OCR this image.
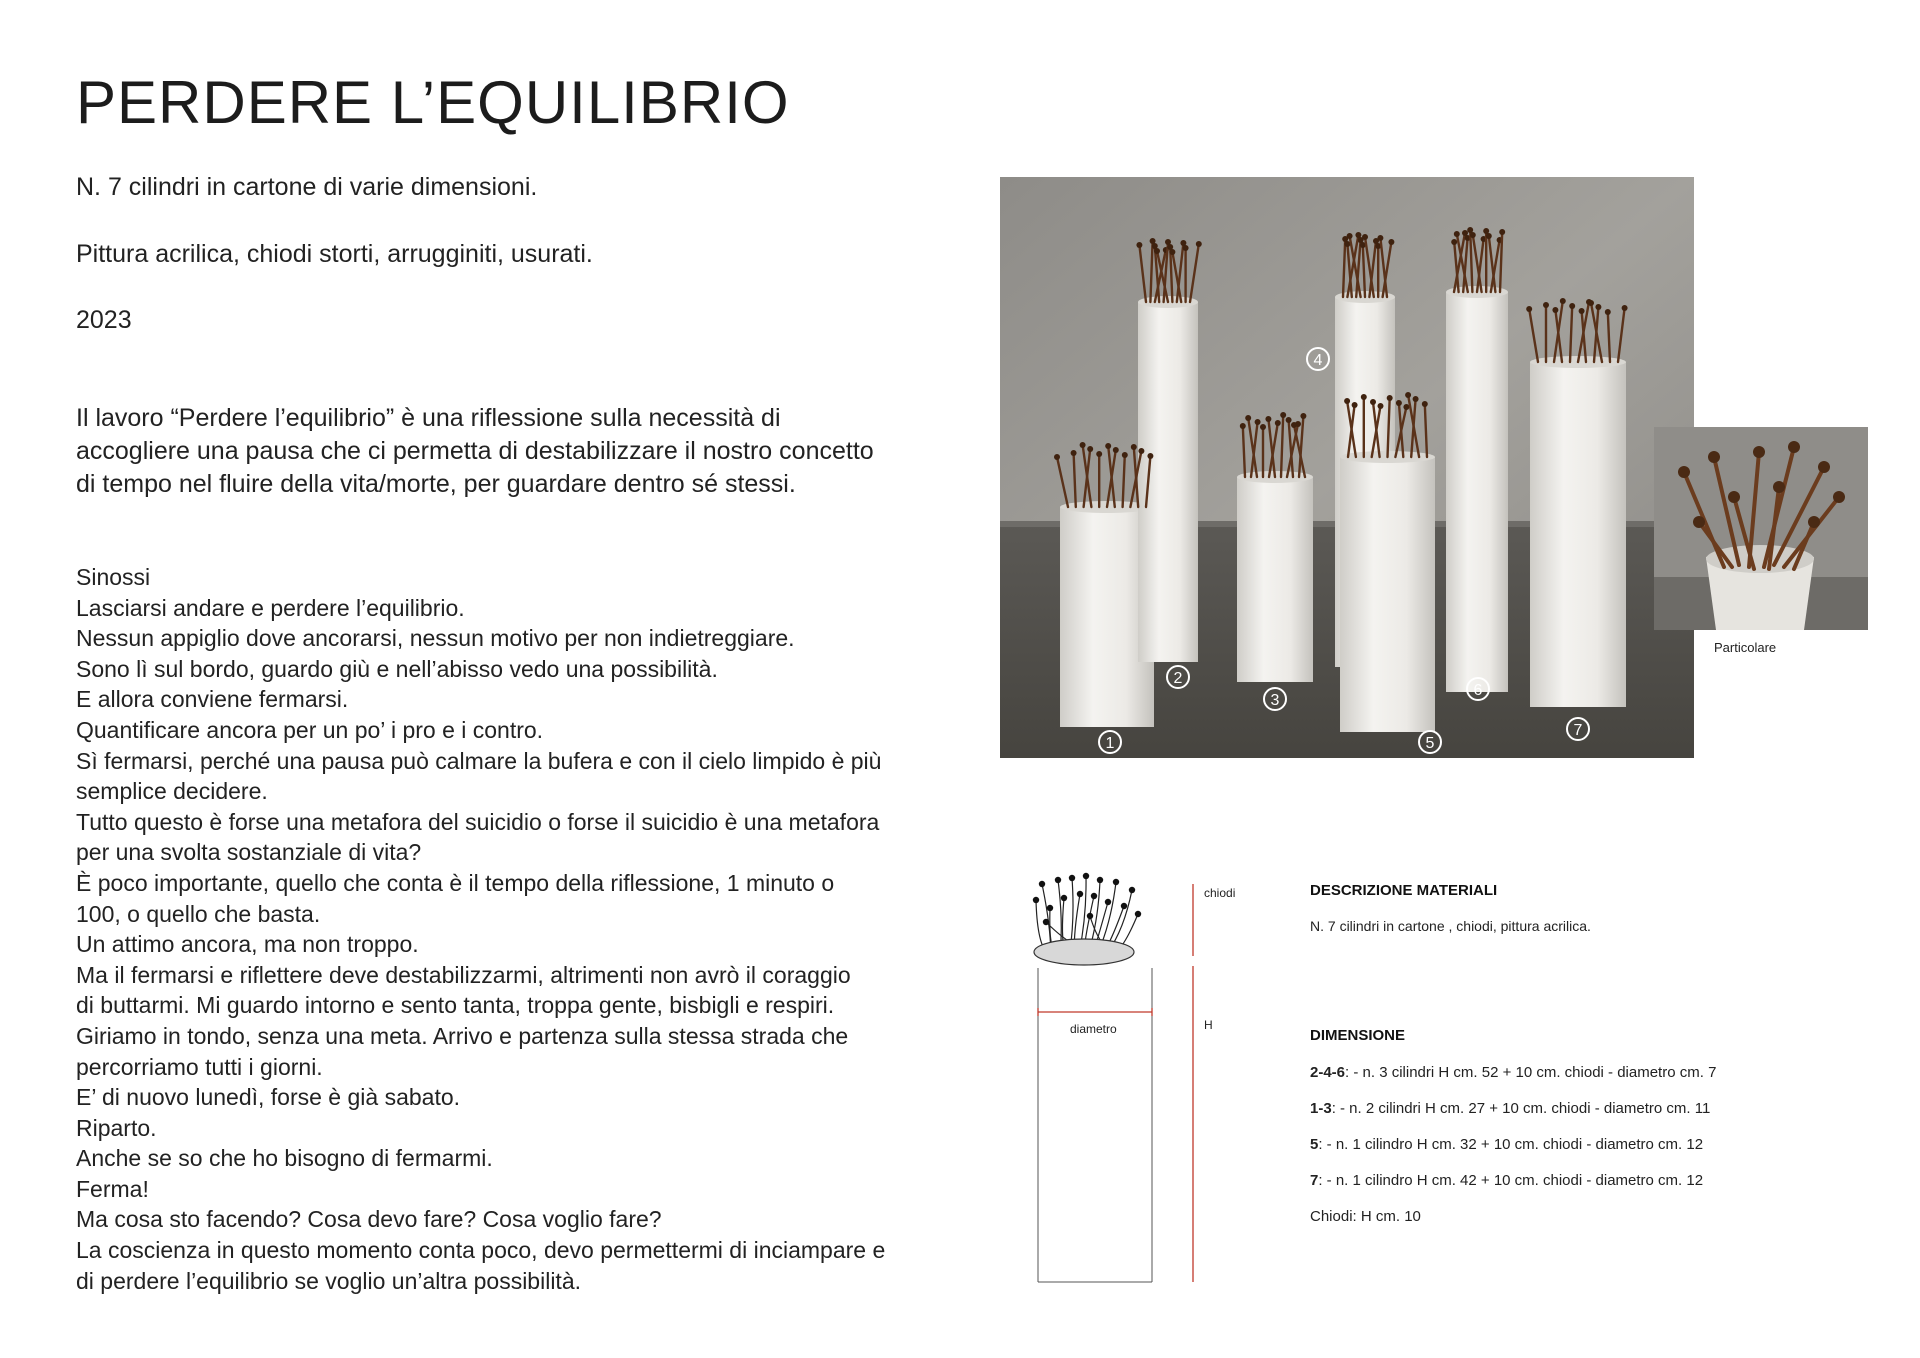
PERDERE L’EQUILIBRIO
N. 7 cilindri in cartone di varie dimensioni.
Pittura acrilica, chiodi storti, arrugginiti, usurati.
2023
Il lavoro “Perdere l’equilibrio” è una riflessione sulla necessità di
accogliere una pausa che ci permetta di destabilizzare il nostro concetto
di tempo nel fluire della vita/morte, per guardare dentro sé stessi.
Sinossi
Lasciarsi andare e perdere l’equilibrio.
Nessun appiglio dove ancorarsi, nessun motivo per non indietreggiare.
Sono lì sul bordo, guardo giù e nell’abisso vedo una possibilità.
E allora conviene fermarsi.
Quantificare ancora per un po’ i pro e i contro.
Sì fermarsi, perché una pausa può calmare la bufera e con il cielo limpido è più
semplice decidere.
Tutto questo è forse una metafora del suicidio o forse il suicidio è una metafora
per una svolta sostanziale di vita?
È poco importante, quello che conta è il tempo della riflessione, 1 minuto o
100, o quello che basta.
Un attimo ancora, ma non troppo.
Ma il fermarsi e riflettere deve destabilizzarmi, altrimenti non avrò il coraggio
di buttarmi. Mi guardo intorno e sento tanta, troppa gente, bisbigli e respiri.
Giriamo in tondo, senza una meta. Arrivo e partenza sulla stessa strada che
percorriamo tutti i giorni.
E’ di nuovo lunedì, forse è già sabato.
Riparto.
Anche se so che ho bisogno di fermarmi.
Ferma!
Ma cosa sto facendo? Cosa devo fare? Cosa voglio fare?
La coscienza in questo momento conta poco, devo permettermi di inciampare e
di perdere l’equilibrio se voglio un’altra possibilità.
1
2
3
4
5
6
7
Particolare
chiodi
H
diametro
DESCRIZIONE MATERIALI
N. 7 cilindri in cartone , chiodi, pittura acrilica.
DIMENSIONE
2-4-6: - n. 3 cilindri H cm. 52 + 10 cm. chiodi - diametro cm. 7
1-3: - n. 2 cilindri H cm. 27 + 10 cm. chiodi - diametro cm. 11
5: - n. 1 cilindro H cm. 32 + 10 cm. chiodi - diametro cm. 12
7: - n. 1 cilindro H cm. 42 + 10 cm. chiodi - diametro cm. 12
Chiodi: H cm. 10
